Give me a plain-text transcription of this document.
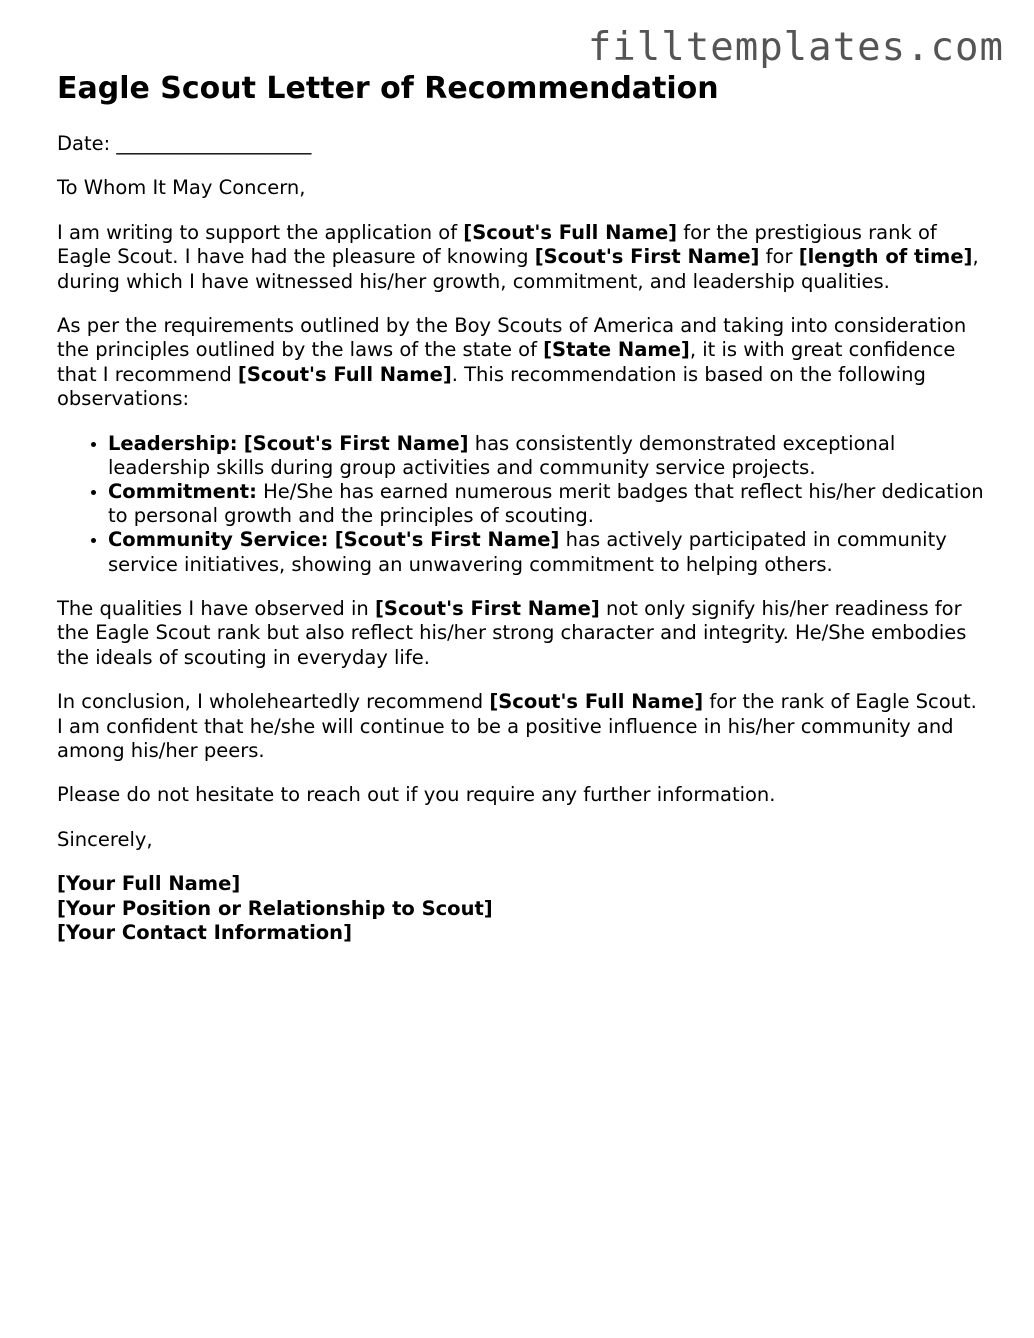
filltemplates.com
Eagle Scout Letter of Recommendation

Date: ____________________

To Whom It May Concern,

I am writing to support the application of [Scout's Full Name] for the prestigious rank of Eagle Scout. I have had the pleasure of knowing [Scout's First Name] for [length of time], during which I have witnessed his/her growth, commitment, and leadership qualities.

As per the requirements outlined by the Boy Scouts of America and taking into consideration the principles outlined by the laws of the state of [State Name], it is with great confidence that I recommend [Scout's Full Name]. This recommendation is based on the following observations:

• Leadership: [Scout's First Name] has consistently demonstrated exceptional leadership skills during group activities and community service projects.
• Commitment: He/She has earned numerous merit badges that reflect his/her dedication to personal growth and the principles of scouting.
• Community Service: [Scout's First Name] has actively participated in community service initiatives, showing an unwavering commitment to helping others.

The qualities I have observed in [Scout's First Name] not only signify his/her readiness for the Eagle Scout rank but also reflect his/her strong character and integrity. He/She embodies the ideals of scouting in everyday life.

In conclusion, I wholeheartedly recommend [Scout's Full Name] for the rank of Eagle Scout. I am confident that he/she will continue to be a positive influence in his/her community and among his/her peers.

Please do not hesitate to reach out if you require any further information.

Sincerely,

[Your Full Name]

[Your Position or Relationship to Scout]

[Your Contact Information]
